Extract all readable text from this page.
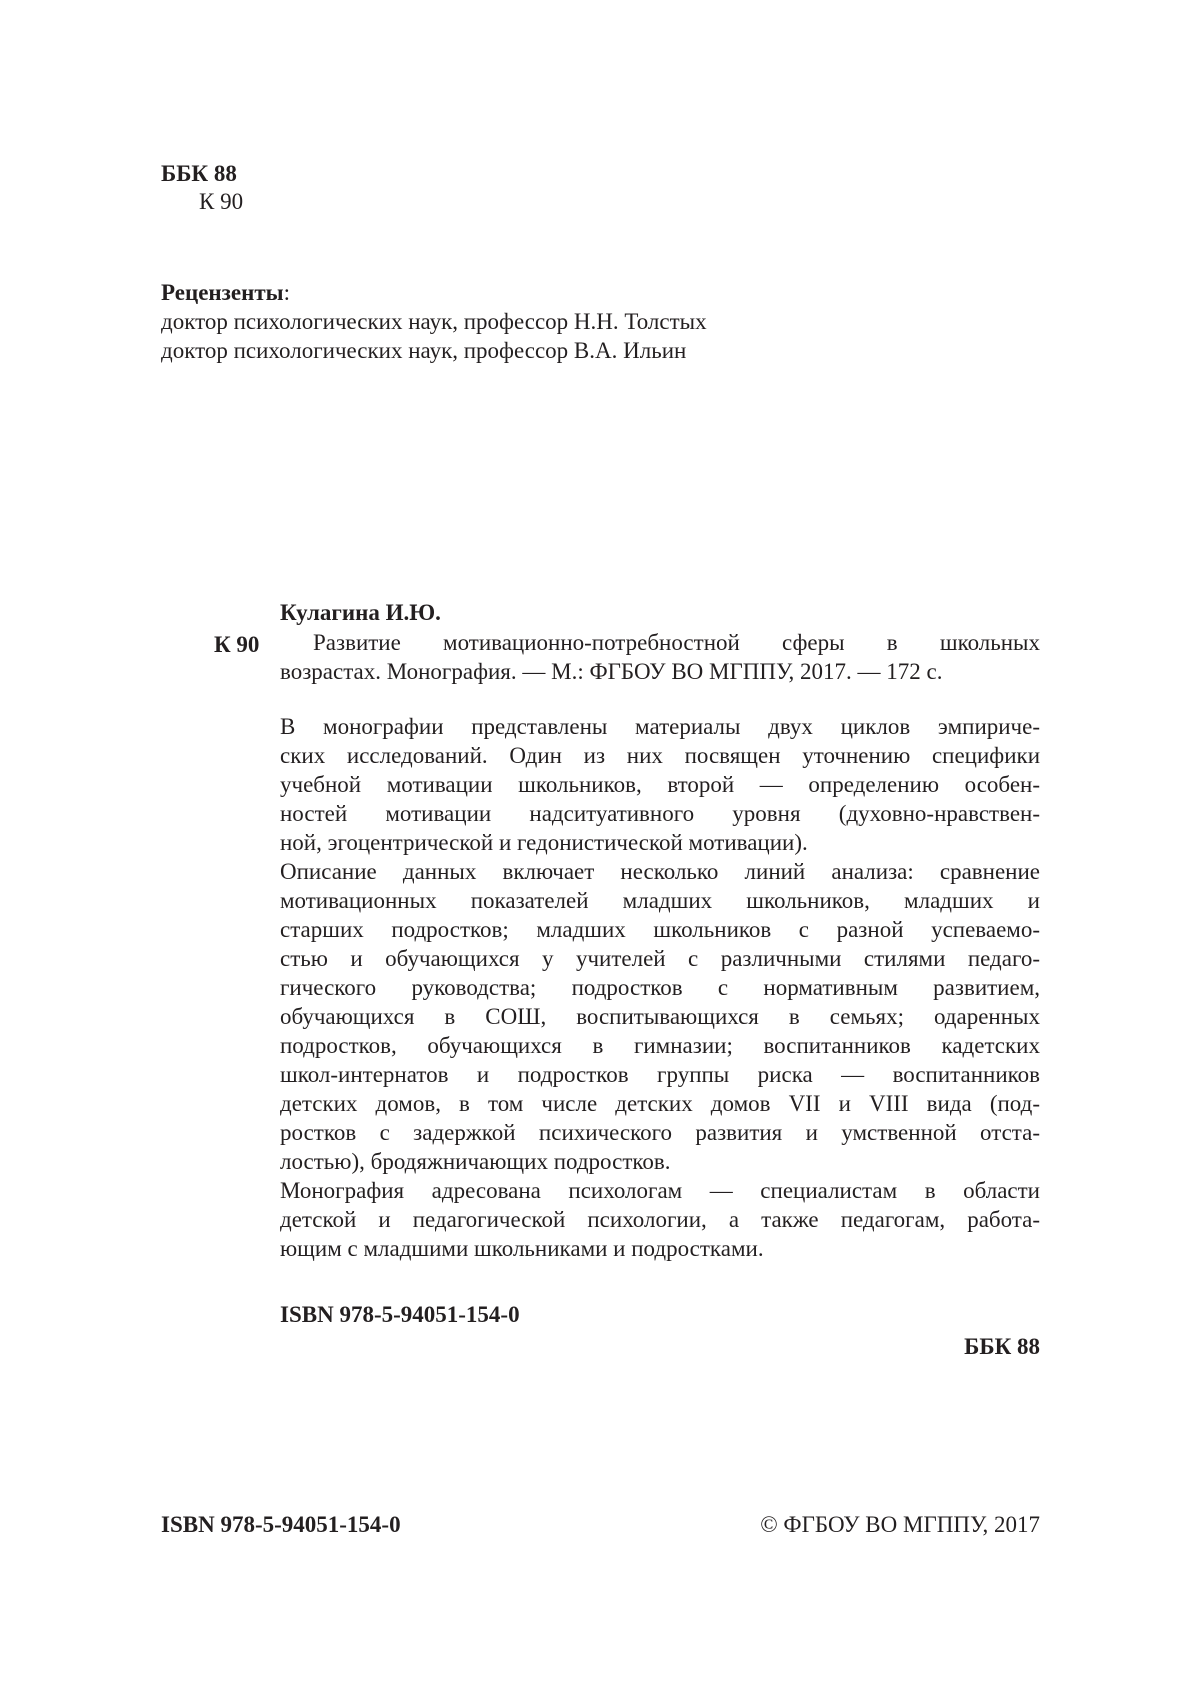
ББК 88
К 90
Рецензенты:
доктор психологических наук, профессор Н.Н. Толстых
доктор психологических наук, профессор В.А. Ильин
Кулагина И.Ю.
К 90	Развитие мотивационно-потребностной сферы в школьных
возрастах. Монография. — М.: ФГБОУ ВО МГППУ, 2017. — 172 с.

В монографии представлены материалы двух циклов эмпириче-
ских исследований. Один из них посвящен уточнению специфики
учебной мотивации школьников, второй — определению особен-
ностей мотивации надситуативного уровня (духовно-нравствен-
ной, эгоцентрической и гедонистической мотивации).

Описание данных включает несколько линий анализа: сравнение
мотивационных показателей младших школьников, младших и
старших подростков; младших школьников с разной успеваемо-
стью и обучающихся у учителей с различными стилями педаго-
гического руководства; подростков с нормативным развитием,
обучающихся в СОШ, воспитывающихся в семьях; одаренных
подростков, обучающихся в гимназии; воспитанников кадетских
школ-интернатов и подростков группы риска — воспитанников
детских домов, в том числе детских домов VII и VIII вида (под-
ростков с задержкой психического развития и умственной отста-
лостью), бродяжничающих подростков.

Монография адресована психологам — специалистам в области
детской и педагогической психологии, а также педагогам, работа-
ющим с младшими школьниками и подростками.

ISBN 978-5-94051-154-0
ББК 88
ISBN 978-5-94051-154-0	© ФГБОУ ВО МГППУ, 2017
